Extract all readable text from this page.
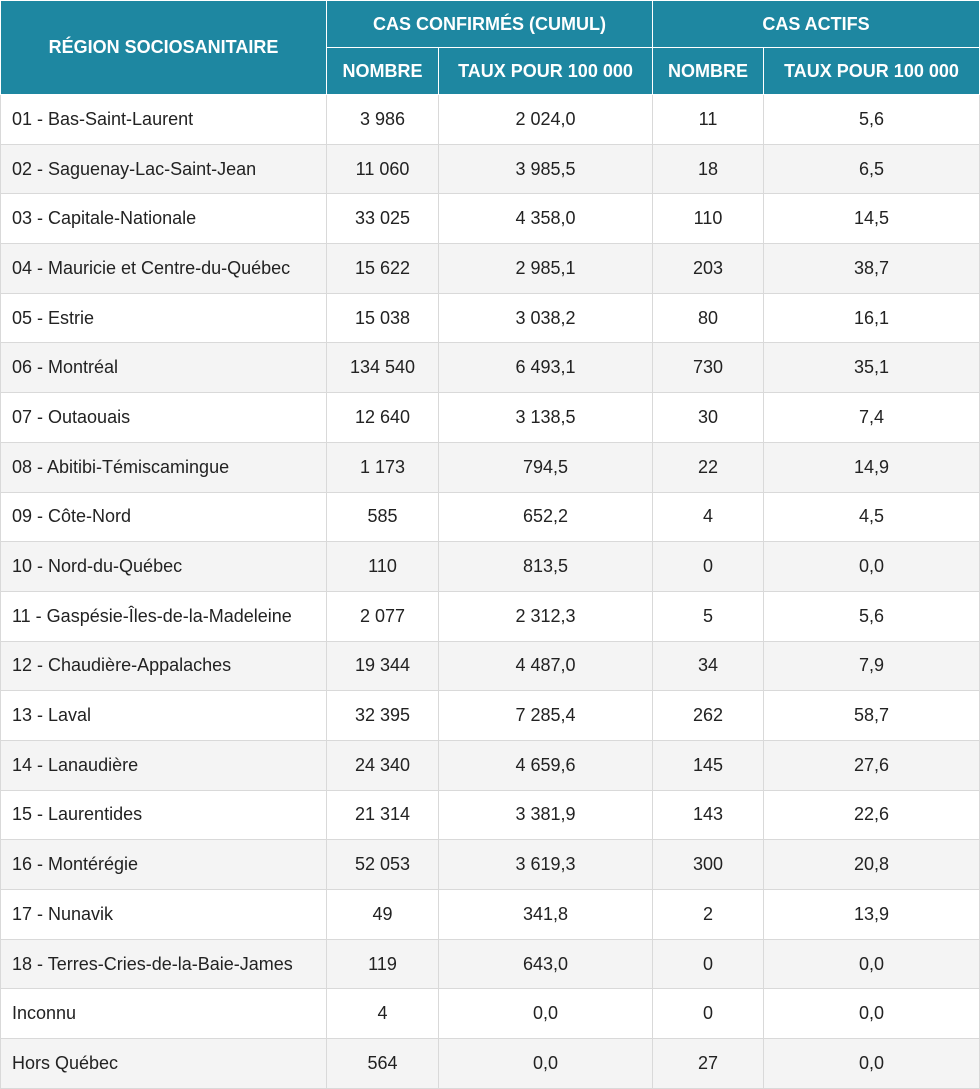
RÉGION SOCIOSANITAIRE	CAS CONFIRMÉS (CUMUL)		CAS ACTIFS	
	NOMBRE	TAUX POUR 100 000	NOMBRE	TAUX POUR 100 000
01 - Bas-Saint-Laurent	3 986	2 024,0	11	5,6
02 - Saguenay-Lac-Saint-Jean	11 060	3 985,5	18	6,5
03 - Capitale-Nationale	33 025	4 358,0	110	14,5
04 - Mauricie et Centre-du-Québec	15 622	2 985,1	203	38,7
05 - Estrie	15 038	3 038,2	80	16,1
06 - Montréal	134 540	6 493,1	730	35,1
07 - Outaouais	12 640	3 138,5	30	7,4
08 - Abitibi-Témiscamingue	1 173	794,5	22	14,9
09 - Côte-Nord	585	652,2	4	4,5
10 - Nord-du-Québec	110	813,5	0	0,0
11 - Gaspésie-Îles-de-la-Madeleine	2 077	2 312,3	5	5,6
12 - Chaudière-Appalaches	19 344	4 487,0	34	7,9
13 - Laval	32 395	7 285,4	262	58,7
14 - Lanaudière	24 340	4 659,6	145	27,6
15 - Laurentides	21 314	3 381,9	143	22,6
16 - Montérégie	52 053	3 619,3	300	20,8
17 - Nunavik	49	341,8	2	13,9
18 - Terres-Cries-de-la-Baie-James	119	643,0	0	0,0
Inconnu	4	0,0	0	0,0
Hors Québec	564	0,0	27	0,0
